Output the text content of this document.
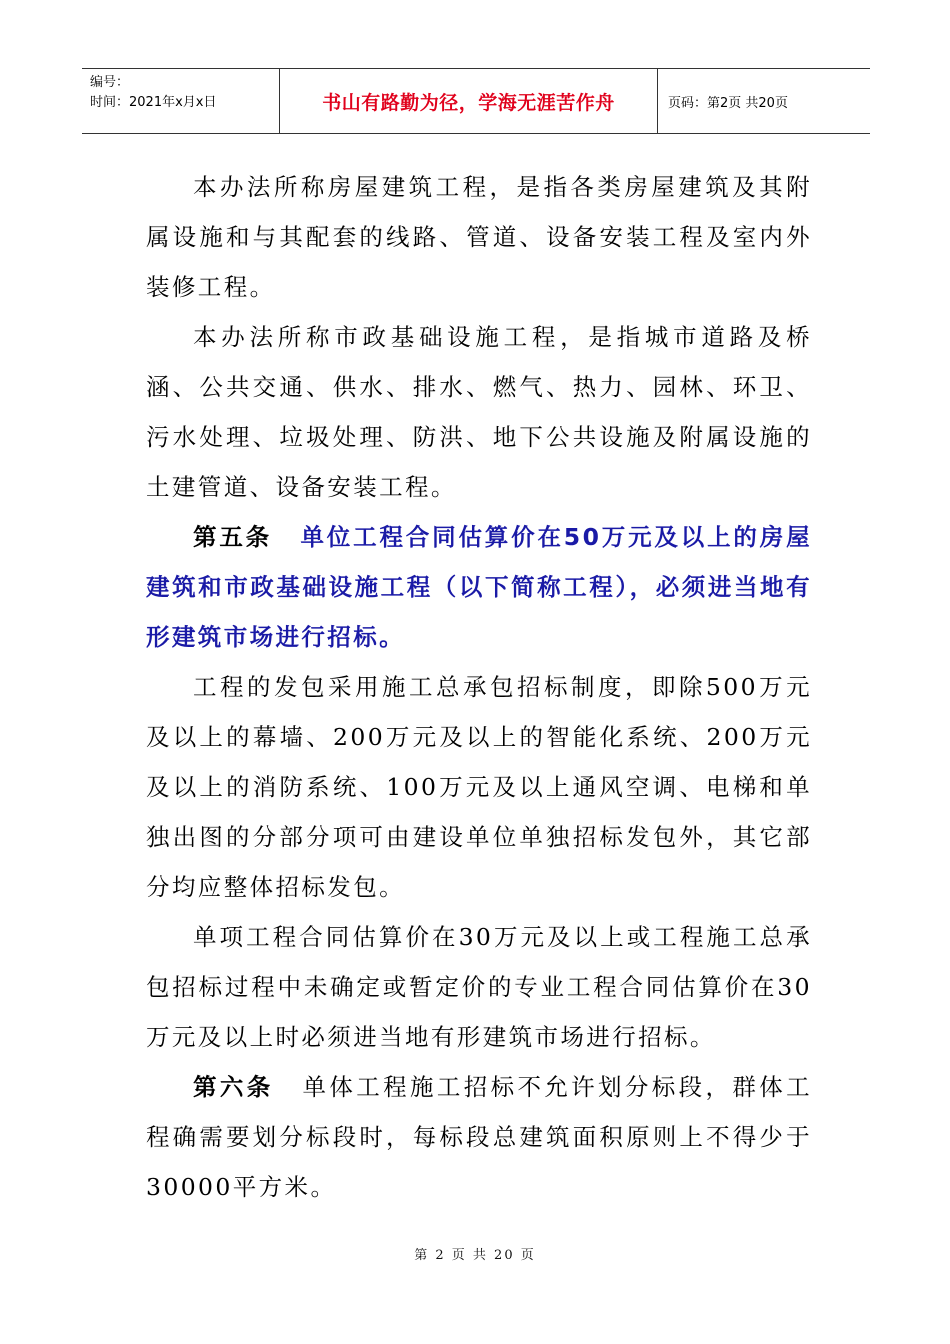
编号：
时间：2021年x月x日	书山有路勤为径，学海无涯苦作舟	页码：第2页 共20页

本办法所称房屋建筑工程，是指各类房屋建筑及其附属设施和与其配套的线路、管道、设备安装工程及室内外装修工程。

本办法所称市政基础设施工程，是指城市道路及桥涵、公共交通、供水、排水、燃气、热力、园林、环卫、污水处理、垃圾处理、防洪、地下公共设施及附属设施的土建管道、设备安装工程。

第五条 单位工程合同估算价在50万元及以上的房屋建筑和市政基础设施工程（以下简称工程），必须进当地有形建筑市场进行招标。

工程的发包采用施工总承包招标制度，即除500万元及以上的幕墙、200万元及以上的智能化系统、200万元及以上的消防系统、100万元及以上通风空调、电梯和单独出图的分部分项可由建设单位单独招标发包外，其它部分均应整体招标发包。

单项工程合同估算价在30万元及以上或工程施工总承包招标过程中未确定或暂定价的专业工程合同估算价在30万元及以上时必须进当地有形建筑市场进行招标。

第六条 单体工程施工招标不允许划分标段，群体工程确需要划分标段时，每标段总建筑面积原则上不得少于30000平方米。

第 2 页 共 20 页
